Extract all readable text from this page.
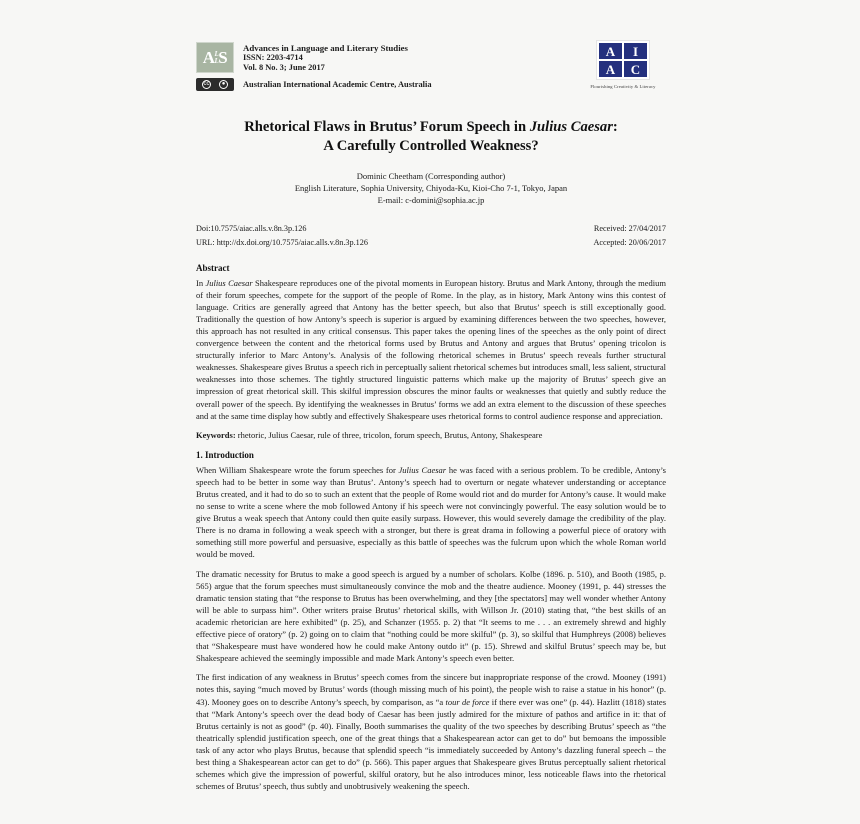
A L
L S Advances in Language and Literary Studies
ISSN: 2203-4714
Vol. 8 No. 3; June 2017
cc	●	Australian International Academic Centre, Australia
A	I
A	C
Flourishing Creativity & Literacy
Rhetorical Flaws in Brutus’ Forum Speech in Julius Caesar:
A Carefully Controlled Weakness?
Dominic Cheetham (Corresponding author)
English Literature, Sophia University, Chiyoda-Ku, Kioi-Cho 7-1, Tokyo, Japan
E-mail: c-domini@sophia.ac.jp
Doi:10.7575/aiac.alls.v.8n.3p.126	Received: 27/04/2017
URL: http://dx.doi.org/10.7575/aiac.alls.v.8n.3p.126	Accepted: 20/06/2017
Abstract

In Julius Caesar Shakespeare reproduces one of the pivotal moments in European history. Brutus and Mark Antony, through the medium of their forum speeches, compete for the support of the people of Rome. In the play, as in history, Mark Antony wins this contest of language. Critics are generally agreed that Antony has the better speech, but also that Brutus’ speech is still exceptionally good. Traditionally the question of how Antony’s speech is superior is argued by examining differences between the two speeches, however, this approach has not resulted in any critical consensus. This paper takes the opening lines of the speeches as the only point of direct convergence between the content and the rhetorical forms used by Brutus and Antony and argues that Brutus’ opening tricolon is structurally inferior to Marc Antony’s. Analysis of the following rhetorical schemes in Brutus’ speech reveals further structural weaknesses. Shakespeare gives Brutus a speech rich in perceptually salient rhetorical schemes but introduces small, less salient, structural weaknesses into those schemes. The tightly structured linguistic patterns which make up the majority of Brutus’ speech give an impression of great rhetorical skill. This skilful impression obscures the minor faults or weaknesses that quietly and subtly reduce the overall power of the speech. By identifying the weaknesses in Brutus’ forms we add an extra element to the discussion of these speeches and at the same time display how subtly and effectively Shakespeare uses rhetorical forms to control audience response and appreciation.

Keywords: rhetoric, Julius Caesar, rule of three, tricolon, forum speech, Brutus, Antony, Shakespeare

1. Introduction

When William Shakespeare wrote the forum speeches for Julius Caesar he was faced with a serious problem. To be credible, Antony’s speech had to be better in some way than Brutus’. Antony’s speech had to overturn or negate whatever understanding or acceptance Brutus created, and it had to do so to such an extent that the people of Rome would riot and do murder for Antony’s cause. It would make no sense to write a scene where the mob followed Antony if his speech were not convincingly powerful. The easy solution would be to give Brutus a weak speech that Antony could then quite easily surpass. However, this would severely damage the credibility of the play. There is no drama in following a weak speech with a stronger, but there is great drama in following a powerful piece of oratory with something still more powerful and persuasive, especially as this battle of speeches was the fulcrum upon which the whole Roman world would be moved.

The dramatic necessity for Brutus to make a good speech is argued by a number of scholars. Kolbe (1896. p. 510), and Booth (1985, p. 565) argue that the forum speeches must simultaneously convince the mob and the theatre audience. Mooney (1991, p. 44) stresses the dramatic tension stating that “the response to Brutus has been overwhelming, and they [the spectators] may well wonder whether Antony will be able to surpass him”. Other writers praise Brutus’ rhetorical skills, with Willson Jr. (2010) stating that, “the best skills of an academic rhetorician are here exhibited” (p. 25), and Schanzer (1955. p. 2) that “It seems to me . . . an extremely shrewd and highly effective piece of oratory” (p. 2) going on to claim that “nothing could be more skilful” (p. 3), so skilful that Humphreys (2008) believes that “Shakespeare must have wondered how he could make Antony outdo it” (p. 15). Shrewd and skilful Brutus’ speech may be, but Shakespeare achieved the seemingly impossible and made Mark Antony’s speech even better.

The first indication of any weakness in Brutus’ speech comes from the sincere but inappropriate response of the crowd. Mooney (1991) notes this, saying “much moved by Brutus’ words (though missing much of his point), the people wish to raise a statue in his honor” (p. 43). Mooney goes on to describe Antony’s speech, by comparison, as “a tour de force if there ever was one” (p. 44). Hazlitt (1818) states that “Mark Antony’s speech over the dead body of Caesar has been justly admired for the mixture of pathos and artifice in it: that of Brutus certainly is not as good” (p. 40). Finally, Booth summarises the quality of the two speeches by describing Brutus’ speech as “the theatrically splendid justification speech, one of the great things that a Shakespearean actor can get to do” but bemoans the impossible task of any actor who plays Brutus, because that splendid speech “is immediately succeeded by Antony’s dazzling funeral speech – the best thing a Shakespearean actor can get to do” (p. 566). This paper argues that Shakespeare gives Brutus perceptually salient rhetorical schemes which give the impression of powerful, skilful oratory, but he also introduces minor, less noticeable flaws into the rhetorical schemes of Brutus’ speech, thus subtly and unobtrusively weakening the speech.
